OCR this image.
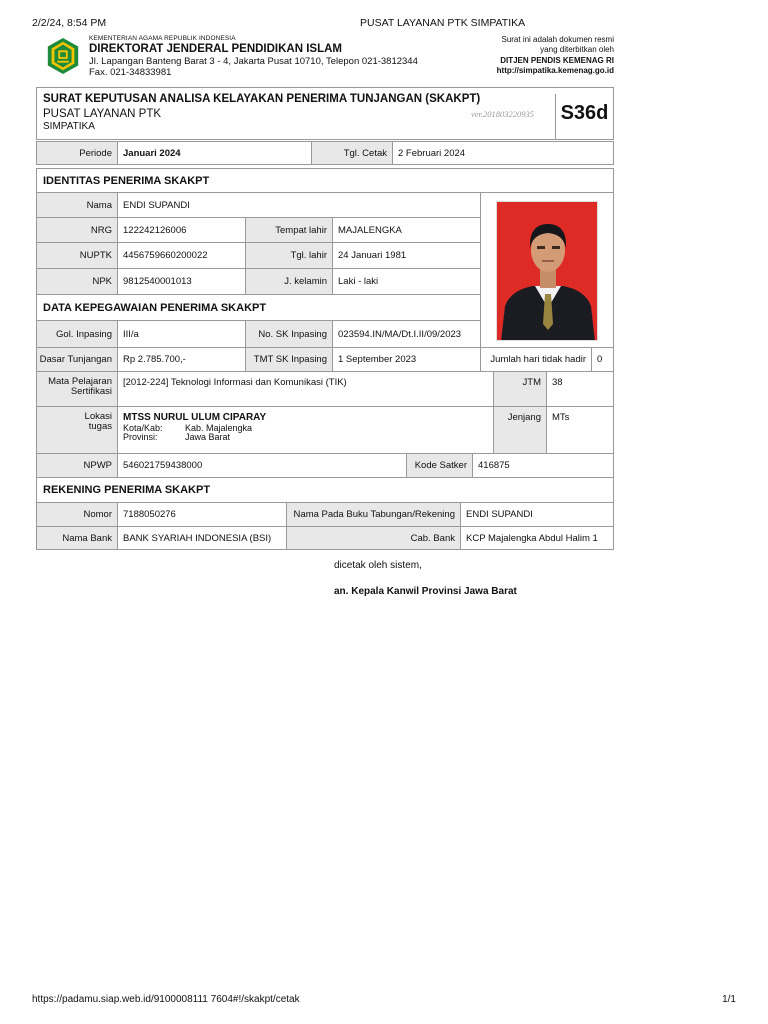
2/2/24, 8:54 PM	PUSAT LAYANAN PTK SIMPATIKA
KEMENTERIAN AGAMA REPUBLIK INDONESIA
DIREKTORAT JENDERAL PENDIDIKAN ISLAM
Jl. Lapangan Banteng Barat 3 - 4, Jakarta Pusat 10710, Telepon 021-3812344
Fax. 021-34833981
Surat ini adalah dokumen resmi
yang diterbitkan oleh
DITJEN PENDIS KEMENAG RI
http://simpatika.kemenag.go.id
SURAT KEPUTUSAN ANALISA KELAYAKAN PENERIMA TUNJANGAN (SKAKPT)
PUSAT LAYANAN PTK
SIMPATIKA
ver.201803220935 S36d
Periode	Januari 2024	Tgl. Cetak	2 Februari 2024
IDENTITAS PENERIMA SKAKPT
Nama	ENDI SUPANDI
NRG	122242126006	Tempat lahir	MAJALENGKA
NUPTK	4456759660200022	Tgl. lahir	24 Januari 1981
NPK	9812540001013	J. kelamin	Laki - laki
DATA KEPEGAWAIAN PENERIMA SKAKPT
Gol. Inpasing	III/a	No. SK Inpasing	023594.IN/MA/Dt.I.II/09/2023
Dasar Tunjangan	Rp 2.785.700,-	TMT SK Inpasing	1 September 2023	Jumlah hari tidak hadir	0
Mata Pelajaran
Sertifikasi
[2012-224] Teknologi Informasi dan Komunikasi (TIK)	JTM	38
Lokasi
tugas
MTSS NURUL ULUM CIPARAY
Kota/Kab: Kab. Majalengka
Provinsi:	Jawa Barat
Jenjang	MTs
NPWP	546021759438000	Kode Satker	416875
REKENING PENERIMA SKAKPT
Nomor	7188050276	Nama Pada Buku Tabungan/Rekening	ENDI SUPANDI
Nama Bank	BANK SYARIAH INDONESIA (BSI)	Cab. Bank	KCP Majalengka Abdul Halim 1
dicetak oleh sistem,
an. Kepala Kanwil Provinsi Jawa Barat
https://padamu.siap.web.id/9100008111 7604#!/skakpt/cetak	1/1
